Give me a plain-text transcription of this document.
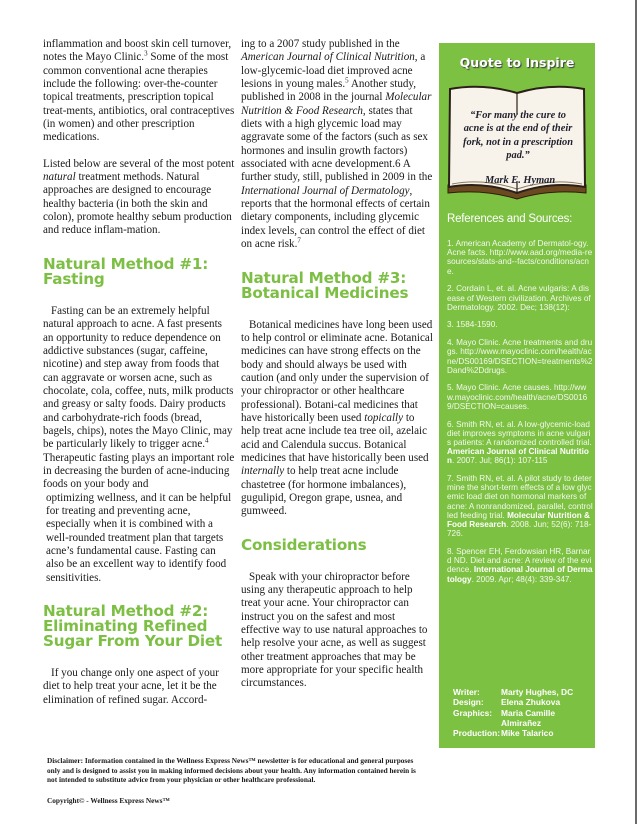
inflammation and boost skin cell turnover, notes the Mayo Clinic.$^3$ Some of the most common conventional acne therapies include the following: over-the-counter topical treatments, prescription topical treat-ments, antibiotics, oral contraceptives (in women) and other prescription medications.

Listed below are several of the most potent natural treatment methods. Natural approaches are designed to encourage healthy bacteria (in both the skin and colon), promote healthy sebum production and reduce inflam-mation.

Natural Method #1: Fasting

Fasting can be an extremely helpful natural approach to acne. A fast presents an opportunity to reduce dependence on addictive substances (sugar, caffeine, nicotine) and step away from foods that can aggravate or worsen acne, such as chocolate, cola, coffee, nuts, milk products and greasy or salty foods. Dairy products and carbohydrate-rich foods (bread, bagels, chips), notes the Mayo Clinic, may be particularly likely to trigger acne.$^4$ Therapeutic fasting plays an important role in decreasing the burden of acne-inducing foods on your body and

optimizing wellness, and it can be helpful for treating and preventing acne, especially when it is combined with a well-rounded treatment plan that targets acne’s fundamental cause. Fasting can also be an excellent way to identify food sensitivities.

Natural Method #2: Eliminating Refined Sugar From Your Diet

If you change only one aspect of your diet to help treat your acne, let it be the elimination of refined sugar. Accord-

ing to a 2007 study published in the American Journal of Clinical Nutrition, a low-glycemic-load diet improved acne lesions in young males.$^5$ Another study, published in 2008 in the journal Molecular Nutrition & Food Research, states that diets with a high glycemic load may aggravate some of the factors (such as sex hormones and insulin growth factors) associated with acne development.6 A further study, still, published in 2009 in the International Journal of Dermatology, reports that the hormonal effects of certain dietary components, including glycemic index levels, can control the effect of diet on acne risk.$^7$

Natural Method #3: Botanical Medicines

Botanical medicines have long been used to help control or eliminate acne. Botanical medicines can have strong effects on the body and should always be used with caution (and only under the supervision of your chiropractor or other healthcare professional). Botani-cal medicines that have historically been used topically to help treat acne include tea tree oil, azelaic acid and Calendula succus. Botanical medicines that have historically been used internally to help treat acne include chastetree (for hormone imbalances), gugulipid, Oregon grape, usnea, and gumweed.

Considerations

Speak with your chiropractor before using any therapeutic approach to help treat your acne. Your chiropractor can instruct you on the safest and most effective way to use natural approaches to help resolve your acne, as well as suggest other treatment approaches that may be more appropriate for your specific health circumstances.

Quote to Inspire
“For many the cure to acne is at the end of their fork, not in a prescription pad.”
Mark E. Hyman
References and Sources:

1. American Academy of Dermatol-ogy. Acne facts. http://www.aad.org/media-resources/stats-and--facts/conditions/acne.

2. Cordain L, et. al. Acne vulgaris: A disease of Western civilization. Archives of Dermatology. 2002. Dec; 138(12):

3. 1584-1590.

4. Mayo Clinic. Acne treatments and drugs. http://www.mayoclinic.com/health/acne/DS00169/DSECTION=treatments%2Dand%2Ddrugs.

5. Mayo Clinic. Acne causes. http://www.mayoclinic.com/health/acne/DS00169/DSECTION=causes.

6. Smith RN, et. al. A low-glycemic-load diet improves symptoms in acne vulgaris patients: A randomized controlled trial. American Journal of Clinical Nutrition. 2007. Jul; 86(1): 107-115

7. Smith RN, et. al. A pilot study to determine the short-term effects of a low glycemic load diet on hormonal markers of acne: A nonrandomized, parallel, controlled feeding trial. Molecular Nutrition & Food Research. 2008. Jun; 52(6): 718-726.

8. Spencer EH, Ferdowsian HR, Barnard ND. Diet and acne: A review of the evidence. International Journal of Dermatology. 2009. Apr; 48(4): 339-347.

Writer:	Marty Hughes, DC
Design:	Elena Zhukova
Graphics:	Maria Camille Almirañez
Production: Mike Talarico
Disclaimer: Information contained in the Wellness Express News™ newsletter is for educational and general purposes only and is designed to assist you in making informed decisions about your health. Any information contained herein is not intended to substitute advice from your physician or other healthcare professional.
Copyright© - Wellness Express News™
